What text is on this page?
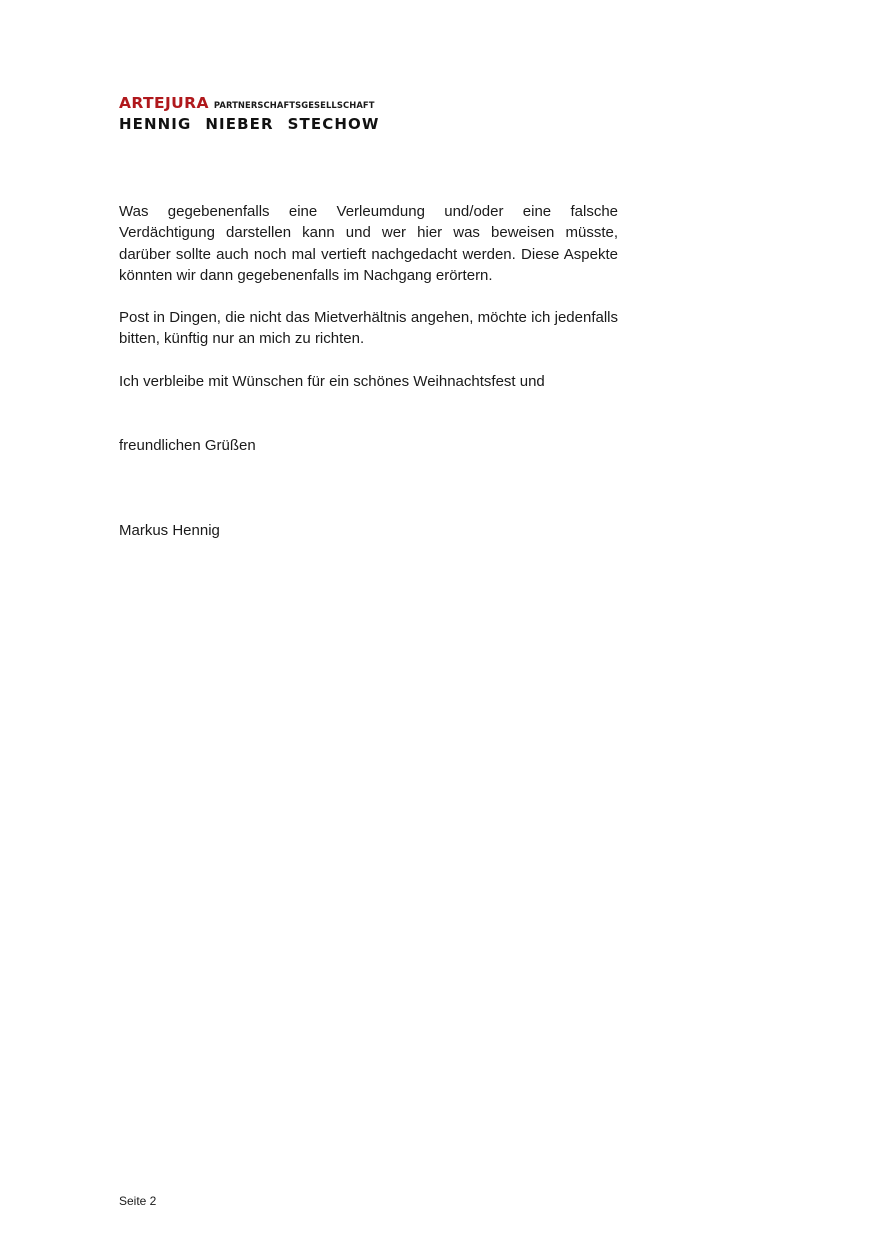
ARTEJURA PARTNERSCHAFTSGESELLSCHAFT
HENNIG NIEBER STECHOW

Was gegebenenfalls eine Verleumdung und/oder eine falsche Verdächtigung darstellen kann und wer hier was beweisen müsste, darüber sollte auch noch mal vertieft nachgedacht werden. Diese Aspekte könnten wir dann gegebenenfalls im Nachgang erörtern.

Post in Dingen, die nicht das Mietverhältnis angehen, möchte ich jedenfalls bitten, künftig nur an mich zu richten.

Ich verbleibe mit Wünschen für ein schönes Weihnachtsfest und

freundlichen Grüßen

Markus Hennig

Seite 2
